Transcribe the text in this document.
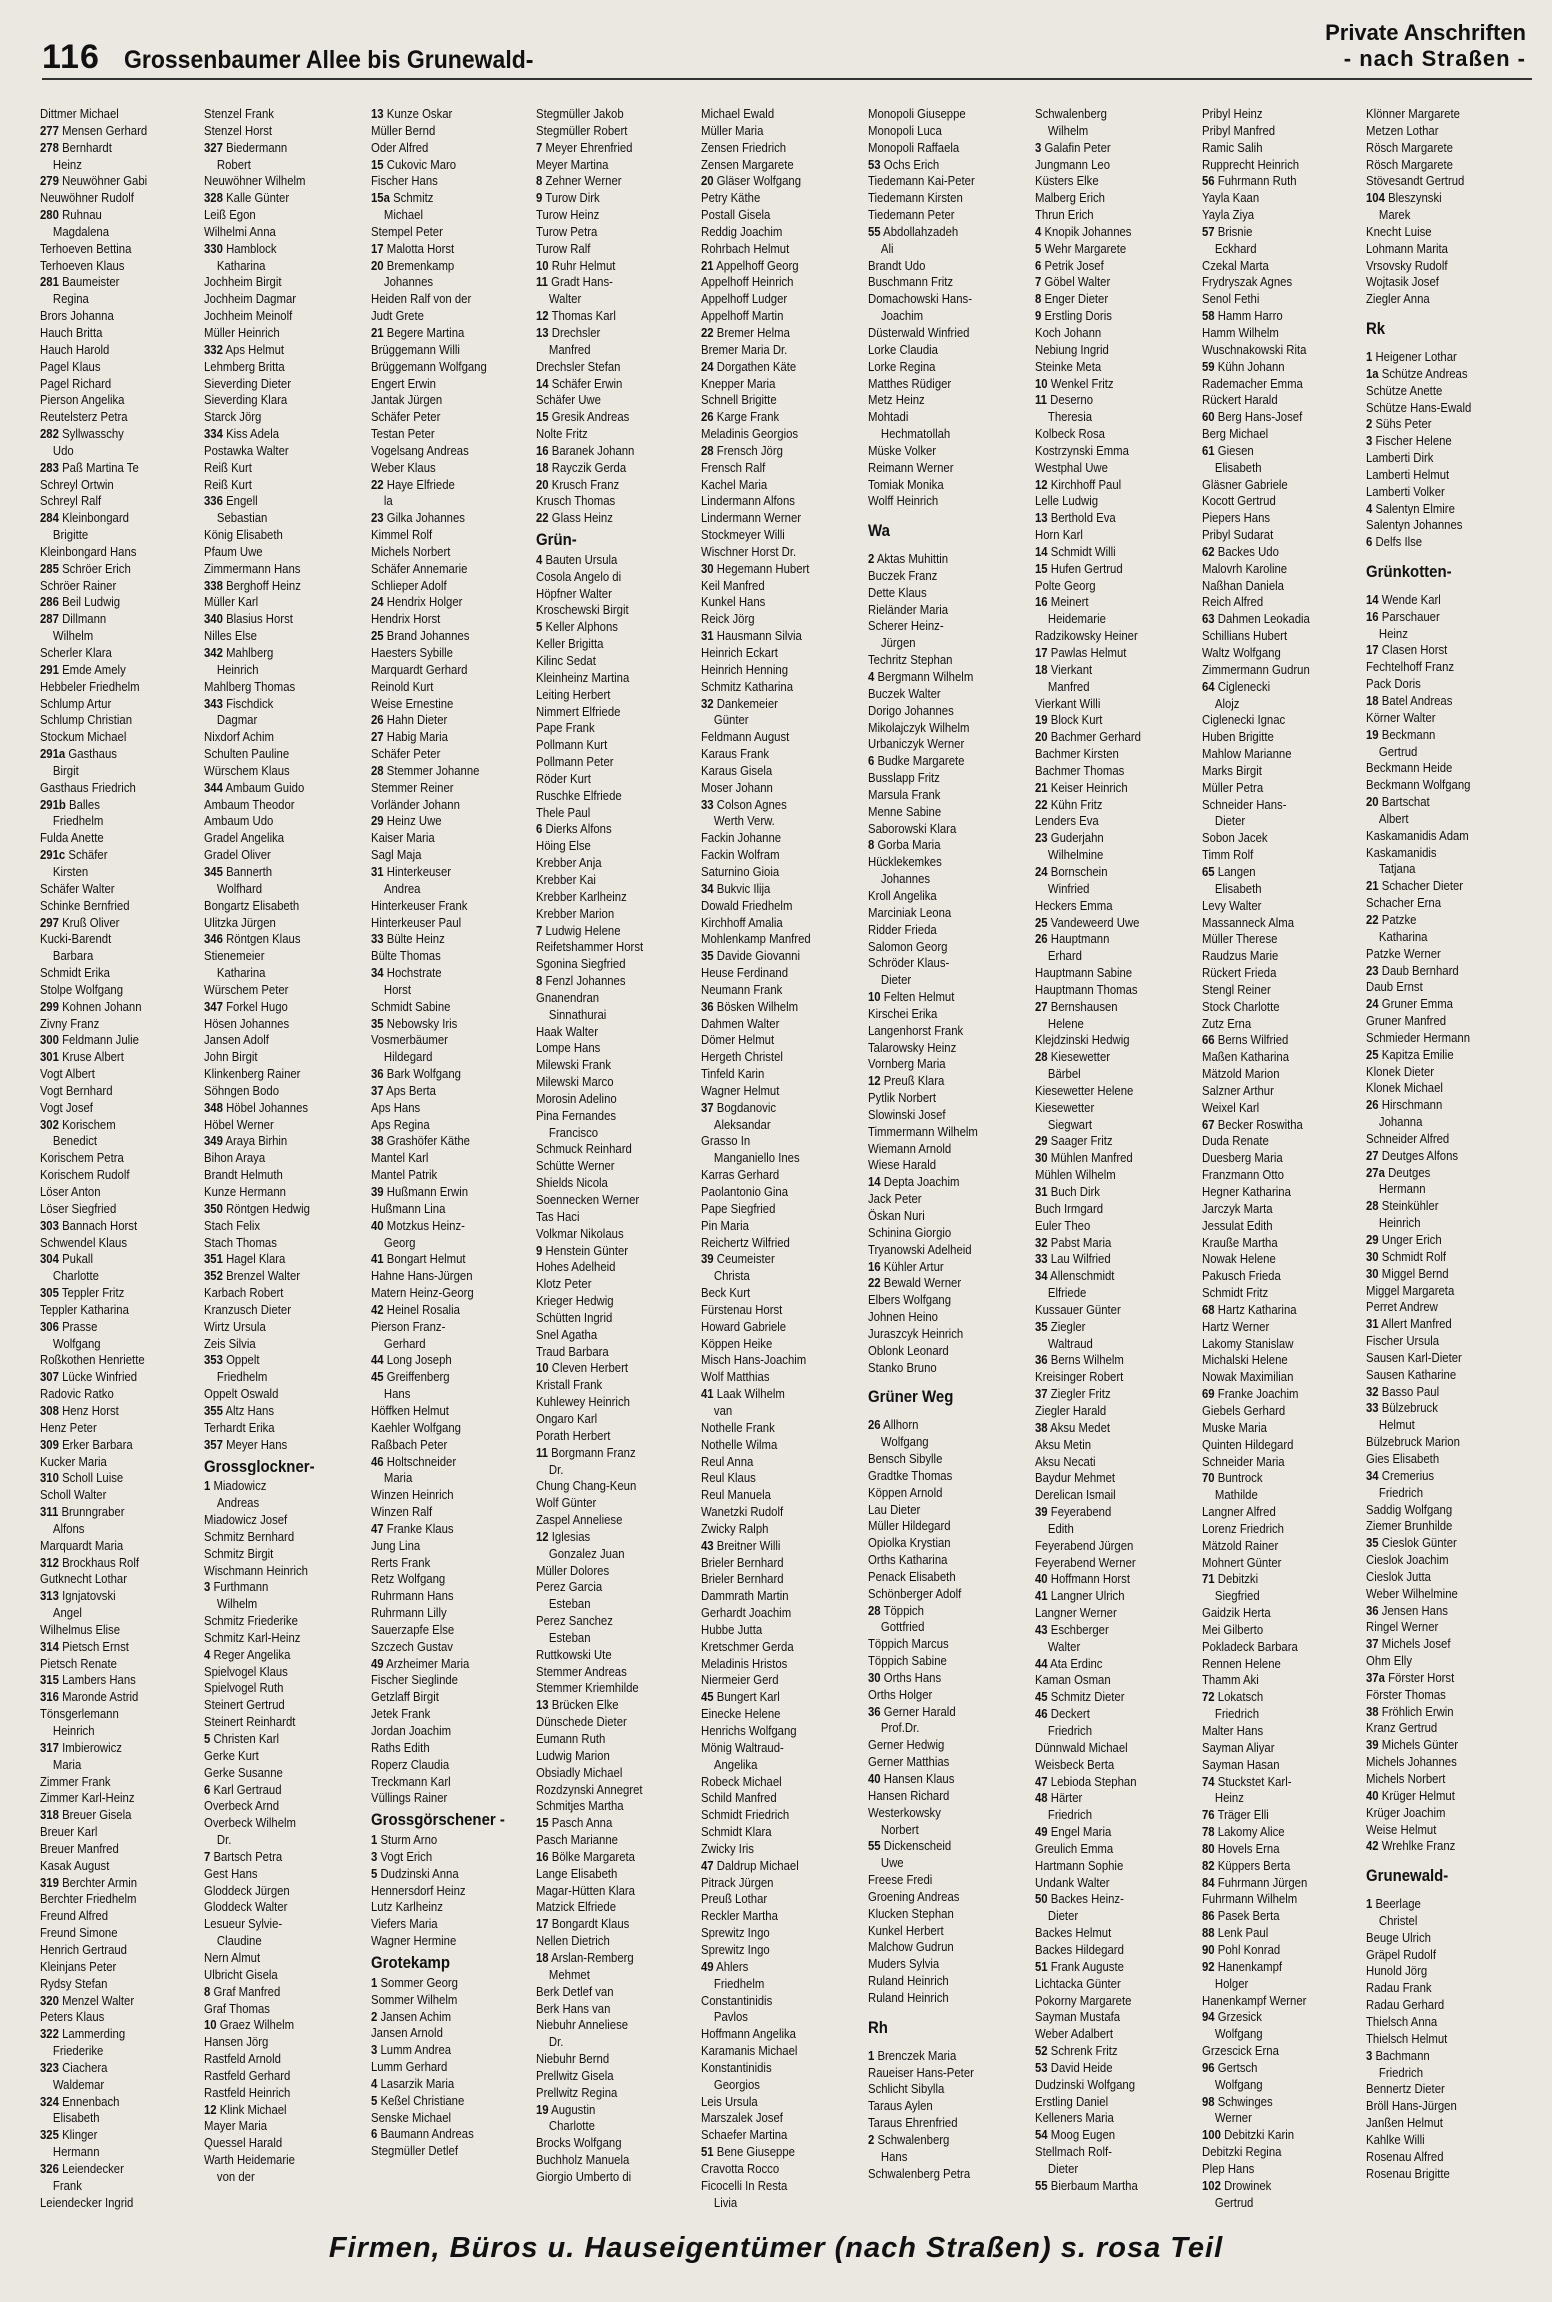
116 Grossenbaumer Allee bis Grunewald-
Private Anschriften
- nach Straßen -
Dittmer Michael
277 Mensen Gerhard
278 Bernhardt
Heinz
279 Neuwöhner Gabi
Neuwöhner Rudolf
280 Ruhnau
Magdalena
Terhoeven Bettina
Terhoeven Klaus
281 Baumeister
Regina
Brors Johanna
Hauch Britta
Hauch Harold
Pagel Klaus
Pagel Richard
Pierson Angelika
Reutelsterz Petra
282 Syllwasschy
Udo
283 Paß Martina Te
Schreyl Ortwin
Schreyl Ralf
284 Kleinbongard
Brigitte
Kleinbongard Hans
285 Schröer Erich
Schröer Rainer
286 Beil Ludwig
287 Dillmann
Wilhelm
Scherler Klara
291 Emde Amely
Hebbeler Friedhelm
Schlump Artur
Schlump Christian
Stockum Michael
291a Gasthaus
Birgit
Gasthaus Friedrich
291b Balles
Friedhelm
Fulda Anette
291c Schäfer
Kirsten
Schäfer Walter
Schinke Bernfried
297 Kruß Oliver
Kucki-Barendt
Barbara
Schmidt Erika
Stolpe Wolfgang
299 Kohnen Johann
Zivny Franz
300 Feldmann Julie
301 Kruse Albert
Vogt Albert
Vogt Bernhard
Vogt Josef
302 Korischem
Benedict
Korischem Petra
Korischem Rudolf
Löser Anton
Löser Siegfried
303 Bannach Horst
Schwendel Klaus
304 Pukall
Charlotte
305 Teppler Fritz
Teppler Katharina
306 Prasse
Wolfgang
Roßkothen Henriette
307 Lücke Winfried
Radovic Ratko
308 Henz Horst
Henz Peter
309 Erker Barbara
Kucker Maria
310 Scholl Luise
Scholl Walter
311 Brunngraber
Alfons
Marquardt Maria
312 Brockhaus Rolf
Gutknecht Lothar
313 Ignjatovski
Angel
Wilhelmus Elise
314 Pietsch Ernst
Pietsch Renate
315 Lambers Hans
316 Maronde Astrid
Tönsgerlemann
Heinrich
317 Imbierowicz
Maria
Zimmer Frank
Zimmer Karl-Heinz
318 Breuer Gisela
Breuer Karl
Breuer Manfred
Kasak August
319 Berchter Armin
Berchter Friedhelm
Freund Alfred
Freund Simone
Henrich Gertraud
Kleinjans Peter
Rydsy Stefan
320 Menzel Walter
Peters Klaus
322 Lammerding
Friederike
323 Ciachera
Waldemar
324 Ennenbach
Elisabeth
325 Klinger
Hermann
326 Leiendecker
Frank
Leiendecker Ingrid
Stenzel Frank
Stenzel Horst
327 Biedermann
Robert
Neuwöhner Wilhelm
328 Kalle Günter
Leiß Egon
Wilhelmi Anna
330 Hamblock
Katharina
Jochheim Birgit
Jochheim Dagmar
Jochheim Meinolf
Müller Heinrich
332 Aps Helmut
Lehmberg Britta
Sieverding Dieter
Sieverding Klara
Starck Jörg
334 Kiss Adela
Postawka Walter
Reiß Kurt
Reiß Kurt
336 Engell
Sebastian
König Elisabeth
Pfaum Uwe
Zimmermann Hans
338 Berghoff Heinz
Müller Karl
340 Blasius Horst
Nilles Else
342 Mahlberg
Heinrich
Mahlberg Thomas
343 Fischdick
Dagmar
Nixdorf Achim
Schulten Pauline
Würschem Klaus
344 Ambaum Guido
Ambaum Theodor
Ambaum Udo
Gradel Angelika
Gradel Oliver
345 Bannerth
Wolfhard
Bongartz Elisabeth
Ulitzka Jürgen
346 Röntgen Klaus
Stienemeier
Katharina
Würschem Peter
347 Forkel Hugo
Hösen Johannes
Jansen Adolf
John Birgit
Klinkenberg Rainer
Söhngen Bodo
348 Höbel Johannes
Höbel Werner
349 Araya Birhin
Bihon Araya
Brandt Helmuth
Kunze Hermann
350 Röntgen Hedwig
Stach Felix
Stach Thomas
351 Hagel Klara
352 Brenzel Walter
Karbach Robert
Kranzusch Dieter
Wirtz Ursula
Zeis Silvia
353 Oppelt
Friedhelm
Oppelt Oswald
355 Altz Hans
Terhardt Erika
357 Meyer Hans
Grossglockner-
1 Miadowicz
Andreas
Miadowicz Josef
Schmitz Bernhard
Schmitz Birgit
Wischmann Heinrich
3 Furthmann
Wilhelm
Schmitz Friederike
Schmitz Karl-Heinz
4 Reger Angelika
Spielvogel Klaus
Spielvogel Ruth
Steinert Gertrud
Steinert Reinhardt
5 Christen Karl
Gerke Kurt
Gerke Susanne
6 Karl Gertraud
Overbeck Arnd
Overbeck Wilhelm
Dr.
7 Bartsch Petra
Gest Hans
Gloddeck Jürgen
Gloddeck Walter
Lesueur Sylvie-
Claudine
Nern Almut
Ulbricht Gisela
8 Graf Manfred
Graf Thomas
10 Graez Wilhelm
Hansen Jörg
Rastfeld Arnold
Rastfeld Gerhard
Rastfeld Heinrich
12 Klink Michael
Mayer Maria
Quessel Harald
Warth Heidemarie
von der
13 Kunze Oskar
Müller Bernd
Oder Alfred
15 Cukovic Maro
Fischer Hans
15a Schmitz
Michael
Stempel Peter
17 Malotta Horst
20 Bremenkamp
Johannes
Heiden Ralf von der
Judt Grete
21 Begere Martina
Brüggemann Willi
Brüggemann Wolfgang
Engert Erwin
Jantak Jürgen
Schäfer Peter
Testan Peter
Vogelsang Andreas
Weber Klaus
22 Haye Elfriede
la
23 Gilka Johannes
Kimmel Rolf
Michels Norbert
Schäfer Annemarie
Schlieper Adolf
24 Hendrix Holger
Hendrix Horst
25 Brand Johannes
Haesters Sybille
Marquardt Gerhard
Reinold Kurt
Weise Ernestine
26 Hahn Dieter
27 Habig Maria
Schäfer Peter
28 Stemmer Johanne
Stemmer Reiner
Vorländer Johann
29 Heinz Uwe
Kaiser Maria
Sagl Maja
31 Hinterkeuser
Andrea
Hinterkeuser Frank
Hinterkeuser Paul
33 Bülte Heinz
Bülte Thomas
34 Hochstrate
Horst
Schmidt Sabine
35 Nebowsky Iris
Vosmerbäumer
Hildegard
36 Bark Wolfgang
37 Aps Berta
Aps Hans
Aps Regina
38 Grashöfer Käthe
Mantel Karl
Mantel Patrik
39 Hußmann Erwin
Hußmann Lina
40 Motzkus Heinz-
Georg
41 Bongart Helmut
Hahne Hans-Jürgen
Matern Heinz-Georg
42 Heinel Rosalia
Pierson Franz-
Gerhard
44 Long Joseph
45 Greiffenberg
Hans
Höffken Helmut
Kaehler Wolfgang
Raßbach Peter
46 Holtschneider
Maria
Winzen Heinrich
Winzen Ralf
47 Franke Klaus
Jung Lina
Rerts Frank
Retz Wolfgang
Ruhrmann Hans
Ruhrmann Lilly
Sauerzapfe Else
Szczech Gustav
49 Arzheimer Maria
Fischer Sieglinde
Getzlaff Birgit
Jetek Frank
Jordan Joachim
Raths Edith
Roperz Claudia
Treckmann Karl
Vüllings Rainer
Grossgörschener -
1 Sturm Arno
3 Vogt Erich
5 Dudzinski Anna
Hennersdorf Heinz
Lutz Karlheinz
Viefers Maria
Wagner Hermine
Grotekamp
1 Sommer Georg
Sommer Wilhelm
2 Jansen Achim
Jansen Arnold
3 Lumm Andrea
Lumm Gerhard
4 Lasarzik Maria
5 Keßel Christiane
Senske Michael
6 Baumann Andreas
Stegmüller Detlef
Stegmüller Jakob
Stegmüller Robert
7 Meyer Ehrenfried
Meyer Martina
8 Zehner Werner
9 Turow Dirk
Turow Heinz
Turow Petra
Turow Ralf
10 Ruhr Helmut
11 Gradt Hans-
Walter
12 Thomas Karl
13 Drechsler
Manfred
Drechsler Stefan
14 Schäfer Erwin
Schäfer Uwe
15 Gresik Andreas
Nolte Fritz
16 Baranek Johann
18 Rayczik Gerda
20 Krusch Franz
Krusch Thomas
22 Glass Heinz
Grün-
4 Bauten Ursula
Cosola Angelo di
Höpfner Walter
Kroschewski Birgit
5 Keller Alphons
Keller Brigitta
Kilinc Sedat
Kleinheinz Martina
Leiting Herbert
Nimmert Elfriede
Pape Frank
Pollmann Kurt
Pollmann Peter
Röder Kurt
Ruschke Elfriede
Thele Paul
6 Dierks Alfons
Höing Else
Krebber Anja
Krebber Kai
Krebber Karlheinz
Krebber Marion
7 Ludwig Helene
Reifetshammer Horst
Sgonina Siegfried
8 Fenzl Johannes
Gnanendran
Sinnathurai
Haak Walter
Lompe Hans
Milewski Frank
Milewski Marco
Morosin Adelino
Pina Fernandes
Francisco
Schmuck Reinhard
Schütte Werner
Shields Nicola
Soennecken Werner
Tas Haci
Volkmar Nikolaus
9 Henstein Günter
Hohes Adelheid
Klotz Peter
Krieger Hedwig
Schütten Ingrid
Snel Agatha
Traud Barbara
10 Cleven Herbert
Kristall Frank
Kuhlewey Heinrich
Ongaro Karl
Porath Herbert
11 Borgmann Franz
Dr.
Chung Chang-Keun
Wolf Günter
Zaspel Anneliese
12 Iglesias
Gonzalez Juan
Müller Dolores
Perez Garcia
Esteban
Perez Sanchez
Esteban
Ruttkowski Ute
Stemmer Andreas
Stemmer Kriemhilde
13 Brücken Elke
Dünschede Dieter
Eumann Ruth
Ludwig Marion
Obsiadly Michael
Rozdzynski Annegret
Schmitjes Martha
15 Pasch Anna
Pasch Marianne
16 Bölke Margareta
Lange Elisabeth
Magar-Hütten Klara
Matzick Elfriede
17 Bongardt Klaus
Nellen Dietrich
18 Arslan-Remberg
Mehmet
Berk Detlef van
Berk Hans van
Niebuhr Anneliese
Dr.
Niebuhr Bernd
Prellwitz Gisela
Prellwitz Regina
19 Augustin
Charlotte
Brocks Wolfgang
Buchholz Manuela
Giorgio Umberto di
Michael Ewald
Müller Maria
Zensen Friedrich
Zensen Margarete
20 Gläser Wolfgang
Petry Käthe
Postall Gisela
Reddig Joachim
Rohrbach Helmut
21 Appelhoff Georg
Appelhoff Heinrich
Appelhoff Ludger
Appelhoff Martin
22 Bremer Helma
Bremer Maria Dr.
24 Dorgathen Käte
Knepper Maria
Schnell Brigitte
26 Karge Frank
Meladinis Georgios
28 Frensch Jörg
Frensch Ralf
Kachel Maria
Lindermann Alfons
Lindermann Werner
Stockmeyer Willi
Wischner Horst Dr.
30 Hegemann Hubert
Keil Manfred
Kunkel Hans
Reick Jörg
31 Hausmann Silvia
Heinrich Eckart
Heinrich Henning
Schmitz Katharina
32 Dankemeier
Günter
Feldmann August
Karaus Frank
Karaus Gisela
Moser Johann
33 Colson Agnes
Werth Verw.
Fackin Johanne
Fackin Wolfram
Saturnino Gioia
34 Bukvic Ilija
Dowald Friedhelm
Kirchhoff Amalia
Mohlenkamp Manfred
35 Davide Giovanni
Heuse Ferdinand
Neumann Frank
36 Bösken Wilhelm
Dahmen Walter
Dömer Helmut
Hergeth Christel
Tinfeld Karin
Wagner Helmut
37 Bogdanovic
Aleksandar
Grasso In
Manganiello Ines
Karras Gerhard
Paolantonio Gina
Pape Siegfried
Pin Maria
Reichertz Wilfried
39 Ceumeister
Christa
Beck Kurt
Fürstenau Horst
Howard Gabriele
Köppen Heike
Misch Hans-Joachim
Wolf Matthias
41 Laak Wilhelm
van
Nothelle Frank
Nothelle Wilma
Reul Anna
Reul Klaus
Reul Manuela
Wanetzki Rudolf
Zwicky Ralph
43 Breitner Willi
Brieler Bernhard
Brieler Bernhard
Dammrath Martin
Gerhardt Joachim
Hubbe Jutta
Kretschmer Gerda
Meladinis Hristos
Niermeier Gerd
45 Bungert Karl
Einecke Helene
Henrichs Wolfgang
Mönig Waltraud-
Angelika
Robeck Michael
Schild Manfred
Schmidt Friedrich
Schmidt Klara
Zwicky Iris
47 Daldrup Michael
Pitrack Jürgen
Preuß Lothar
Reckler Martha
Sprewitz Ingo
Sprewitz Ingo
49 Ahlers
Friedhelm
Constantinidis
Pavlos
Hoffmann Angelika
Karamanis Michael
Konstantinidis
Georgios
Leis Ursula
Marszalek Josef
Schaefer Martina
51 Bene Giuseppe
Cravotta Rocco
Ficocelli In Resta
Livia
Monopoli Giuseppe
Monopoli Luca
Monopoli Raffaela
53 Ochs Erich
Tiedemann Kai-Peter
Tiedemann Kirsten
Tiedemann Peter
55 Abdollahzadeh
Ali
Brandt Udo
Buschmann Fritz
Domachowski Hans-
Joachim
Düsterwald Winfried
Lorke Claudia
Lorke Regina
Matthes Rüdiger
Metz Heinz
Mohtadi
Hechmatollah
Müske Volker
Reimann Werner
Tomiak Monika
Wolff Heinrich
Wa
2 Aktas Muhittin
Buczek Franz
Dette Klaus
Rieländer Maria
Scherer Heinz-
Jürgen
Techritz Stephan
4 Bergmann Wilhelm
Buczek Walter
Dorigo Johannes
Mikolajczyk Wilhelm
Urbaniczyk Werner
6 Budke Margarete
Busslapp Fritz
Marsula Frank
Menne Sabine
Saborowski Klara
8 Gorba Maria
Hücklekemkes
Johannes
Kroll Angelika
Marciniak Leona
Ridder Frieda
Salomon Georg
Schröder Klaus-
Dieter
10 Felten Helmut
Kirschei Erika
Langenhorst Frank
Talarowsky Heinz
Vornberg Maria
12 Preuß Klara
Pytlik Norbert
Slowinski Josef
Timmermann Wilhelm
Wiemann Arnold
Wiese Harald
14 Depta Joachim
Jack Peter
Öskan Nuri
Schinina Giorgio
Tryanowski Adelheid
16 Kühler Artur
22 Bewald Werner
Elbers Wolfgang
Johnen Heino
Juraszcyk Heinrich
Oblonk Leonard
Stanko Bruno
Grüner Weg
26 Allhorn
Wolfgang
Bensch Sibylle
Gradtke Thomas
Köppen Arnold
Lau Dieter
Müller Hildegard
Opiolka Krystian
Orths Katharina
Penack Elisabeth
Schönberger Adolf
28 Töppich
Gottfried
Töppich Marcus
Töppich Sabine
30 Orths Hans
Orths Holger
36 Gerner Harald
Prof.Dr.
Gerner Hedwig
Gerner Matthias
40 Hansen Klaus
Hansen Richard
Westerkowsky
Norbert
55 Dickenscheid
Uwe
Freese Fredi
Groening Andreas
Klucken Stephan
Kunkel Herbert
Malchow Gudrun
Muders Sylvia
Ruland Heinrich
Ruland Heinrich
Rh
1 Brenczek Maria
Raueiser Hans-Peter
Schlicht Sibylla
Taraus Aylen
Taraus Ehrenfried
2 Schwalenberg
Hans
Schwalenberg Petra
Schwalenberg
Wilhelm
3 Galafin Peter
Jungmann Leo
Küsters Elke
Malberg Erich
Thrun Erich
4 Knopik Johannes
5 Wehr Margarete
6 Petrik Josef
7 Göbel Walter
8 Enger Dieter
9 Erstling Doris
Koch Johann
Nebiung Ingrid
Steinke Meta
10 Wenkel Fritz
11 Deserno
Theresia
Kolbeck Rosa
Kostrzynski Emma
Westphal Uwe
12 Kirchhoff Paul
Lelle Ludwig
13 Berthold Eva
Horn Karl
14 Schmidt Willi
15 Hufen Gertrud
Polte Georg
16 Meinert
Heidemarie
Radzikowsky Heiner
17 Pawlas Helmut
18 Vierkant
Manfred
Vierkant Willi
19 Block Kurt
20 Bachmer Gerhard
Bachmer Kirsten
Bachmer Thomas
21 Keiser Heinrich
22 Kühn Fritz
Lenders Eva
23 Guderjahn
Wilhelmine
24 Bornschein
Winfried
Heckers Emma
25 Vandeweerd Uwe
26 Hauptmann
Erhard
Hauptmann Sabine
Hauptmann Thomas
27 Bernshausen
Helene
Klejdzinski Hedwig
28 Kiesewetter
Bärbel
Kiesewetter Helene
Kiesewetter
Siegwart
29 Saager Fritz
30 Mühlen Manfred
Mühlen Wilhelm
31 Buch Dirk
Buch Irmgard
Euler Theo
32 Pabst Maria
33 Lau Wilfried
34 Allenschmidt
Elfriede
Kussauer Günter
35 Ziegler
Waltraud
36 Berns Wilhelm
Kreisinger Robert
37 Ziegler Fritz
Ziegler Harald
38 Aksu Medet
Aksu Metin
Aksu Necati
Baydur Mehmet
Derelican Ismail
39 Feyerabend
Edith
Feyerabend Jürgen
Feyerabend Werner
40 Hoffmann Horst
41 Langner Ulrich
Langner Werner
43 Eschberger
Walter
44 Ata Erdinc
Kaman Osman
45 Schmitz Dieter
46 Deckert
Friedrich
Dünnwald Michael
Weisbeck Berta
47 Lebioda Stephan
48 Härter
Friedrich
49 Engel Maria
Greulich Emma
Hartmann Sophie
Undank Walter
50 Backes Heinz-
Dieter
Backes Helmut
Backes Hildegard
51 Frank Auguste
Lichtacka Günter
Pokorny Margarete
Sayman Mustafa
Weber Adalbert
52 Schrenk Fritz
53 David Heide
Dudzinski Wolfgang
Erstling Daniel
Kelleners Maria
54 Moog Eugen
Stellmach Rolf-
Dieter
55 Bierbaum Martha
Pribyl Heinz
Pribyl Manfred
Ramic Salih
Rupprecht Heinrich
56 Fuhrmann Ruth
Yayla Kaan
Yayla Ziya
57 Brisnie
Eckhard
Czekal Marta
Frydryszak Agnes
Senol Fethi
58 Hamm Harro
Hamm Wilhelm
Wuschnakowski Rita
59 Kühn Johann
Rademacher Emma
Rückert Harald
60 Berg Hans-Josef
Berg Michael
61 Giesen
Elisabeth
Gläsner Gabriele
Kocott Gertrud
Piepers Hans
Pribyl Sudarat
62 Backes Udo
Malovrh Karoline
Naßhan Daniela
Reich Alfred
63 Dahmen Leokadia
Schillians Hubert
Waltz Wolfgang
Zimmermann Gudrun
64 Ciglenecki
Alojz
Ciglenecki Ignac
Huben Brigitte
Mahlow Marianne
Marks Birgit
Müller Petra
Schneider Hans-
Dieter
Sobon Jacek
Timm Rolf
65 Langen
Elisabeth
Levy Walter
Massanneck Alma
Müller Therese
Raudzus Marie
Rückert Frieda
Stengl Reiner
Stock Charlotte
Zutz Erna
66 Berns Wilfried
Maßen Katharina
Mätzold Marion
Salzner Arthur
Weixel Karl
67 Becker Roswitha
Duda Renate
Duesberg Maria
Franzmann Otto
Hegner Katharina
Jarczyk Marta
Jessulat Edith
Krauße Martha
Nowak Helene
Pakusch Frieda
Schmidt Fritz
68 Hartz Katharina
Hartz Werner
Lakomy Stanislaw
Michalski Helene
Nowak Maximilian
69 Franke Joachim
Giebels Gerhard
Muske Maria
Quinten Hildegard
Schneider Maria
70 Buntrock
Mathilde
Langner Alfred
Lorenz Friedrich
Mätzold Rainer
Mohnert Günter
71 Debitzki
Siegfried
Gaidzik Herta
Mei Gilberto
Pokladeck Barbara
Rennen Helene
Thamm Aki
72 Lokatsch
Friedrich
Malter Hans
Sayman Aliyar
Sayman Hasan
74 Stuckstet Karl-
Heinz
76 Träger Elli
78 Lakomy Alice
80 Hovels Erna
82 Küppers Berta
84 Fuhrmann Jürgen
Fuhrmann Wilhelm
86 Pasek Berta
88 Lenk Paul
90 Pohl Konrad
92 Hanenkampf
Holger
Hanenkampf Werner
94 Grzesick
Wolfgang
Grzescick Erna
96 Gertsch
Wolfgang
98 Schwinges
Werner
100 Debitzki Karin
Debitzki Regina
Plep Hans
102 Drowinek
Gertrud
Klönner Margarete
Metzen Lothar
Rösch Margarete
Rösch Margarete
Stövesandt Gertrud
104 Bleszynski
Marek
Knecht Luise
Lohmann Marita
Vrsovsky Rudolf
Wojtasik Josef
Ziegler Anna
Rk
1 Heigener Lothar
1a Schütze Andreas
Schütze Anette
Schütze Hans-Ewald
2 Sühs Peter
3 Fischer Helene
Lamberti Dirk
Lamberti Helmut
Lamberti Volker
4 Salentyn Elmire
Salentyn Johannes
6 Delfs Ilse
Grünkotten-
14 Wende Karl
16 Parschauer
Heinz
17 Clasen Horst
Fechtelhoff Franz
Pack Doris
18 Batel Andreas
Körner Walter
19 Beckmann
Gertrud
Beckmann Heide
Beckmann Wolfgang
20 Bartschat
Albert
Kaskamanidis Adam
Kaskamanidis
Tatjana
21 Schacher Dieter
Schacher Erna
22 Patzke
Katharina
Patzke Werner
23 Daub Bernhard
Daub Ernst
24 Gruner Emma
Gruner Manfred
Schmieder Hermann
25 Kapitza Emilie
Klonek Dieter
Klonek Michael
26 Hirschmann
Johanna
Schneider Alfred
27 Deutges Alfons
27a Deutges
Hermann
28 Steinkühler
Heinrich
29 Unger Erich
30 Schmidt Rolf
30 Miggel Bernd
Miggel Margareta
Perret Andrew
31 Allert Manfred
Fischer Ursula
Sausen Karl-Dieter
Sausen Katharine
32 Basso Paul
33 Bülzebruck
Helmut
Bülzebruck Marion
Gies Elisabeth
34 Cremerius
Friedrich
Saddig Wolfgang
Ziemer Brunhilde
35 Cieslok Günter
Cieslok Joachim
Cieslok Jutta
Weber Wilhelmine
36 Jensen Hans
Ringel Werner
37 Michels Josef
Ohm Elly
37a Förster Horst
Förster Thomas
38 Fröhlich Erwin
Kranz Gertrud
39 Michels Günter
Michels Johannes
Michels Norbert
40 Krüger Helmut
Krüger Joachim
Weise Helmut
42 Wrehlke Franz
Grunewald-
1 Beerlage
Christel
Beuge Ulrich
Gräpel Rudolf
Hunold Jörg
Radau Frank
Radau Gerhard
Thielsch Anna
Thielsch Helmut
3 Bachmann
Friedrich
Bennertz Dieter
Bröll Hans-Jürgen
Janßen Helmut
Kahlke Willi
Rosenau Alfred
Rosenau Brigitte
Firmen, Büros u. Hauseigentümer (nach Straßen) s. rosa Teil
